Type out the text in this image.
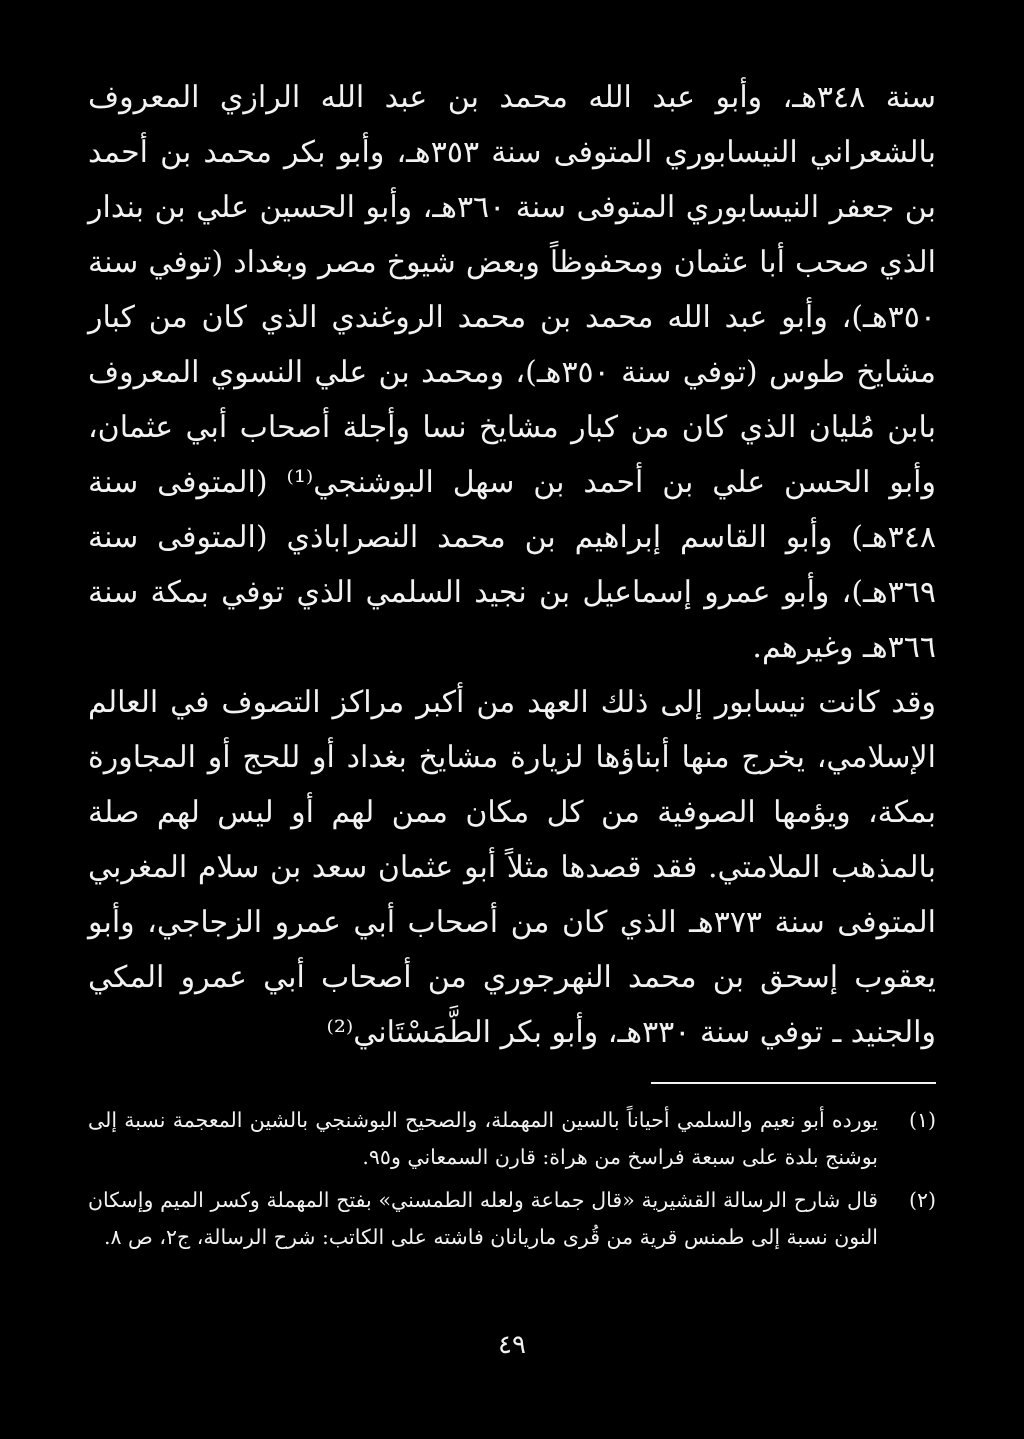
سنة ٣٤٨هـ، وأبو عبد الله محمد بن عبد الله الرازي المعروف بالشعراني النيسابوري المتوفى سنة ٣٥٣هـ، وأبو بكر محمد بن أحمد بن جعفر النيسابوري المتوفى سنة ٣٦٠هـ، وأبو الحسين علي بن بندار الذي صحب أبا عثمان ومحفوظاً وبعض شيوخ مصر وبغداد (توفي سنة ٣٥٠هـ)، وأبو عبد الله محمد بن محمد الروغندي الذي كان من كبار مشايخ طوس (توفي سنة ٣٥٠هـ)، ومحمد بن علي النسوي المعروف بابن مُليان الذي كان من كبار مشايخ نسا وأجلة أصحاب أبي عثمان، وأبو الحسن علي بن أحمد بن سهل البوشنجي⁽¹⁾ (المتوفى سنة ٣٤٨هـ) وأبو القاسم إبراهيم بن محمد النصراباذي (المتوفى سنة ٣٦٩هـ)، وأبو عمرو إسماعيل بن نجيد السلمي الذي توفي بمكة سنة ٣٦٦هـ وغيرهم.

وقد كانت نيسابور إلى ذلك العهد من أكبر مراكز التصوف في العالم الإسلامي، يخرج منها أبناؤها لزيارة مشايخ بغداد أو للحج أو المجاورة بمكة، ويؤمها الصوفية من كل مكان ممن لهم أو ليس لهم صلة بالمذهب الملامتي. فقد قصدها مثلاً أبو عثمان سعد بن سلام المغربي المتوفى سنة ٣٧٣هـ الذي كان من أصحاب أبي عمرو الزجاجي، وأبو يعقوب إسحق بن محمد النهرجوري من أصحاب أبي عمرو المكي والجنيد ـ توفي سنة ٣٣٠هـ، وأبو بكر الطَّمَسْتَاني⁽²⁾

(١)
يورده أبو نعيم والسلمي أحياناً بالسين المهملة، والصحيح البوشنجي بالشين المعجمة نسبة إلى بوشنج بلدة على سبعة فراسخ من هراة: قارن السمعاني و٩٥.
(٢)
قال شارح الرسالة القشيرية «قال جماعة ولعله الطمسني» بفتح المهملة وكسر الميم وإسكان النون نسبة إلى طمنس قرية من قُرى ماريانان فاشته على الكاتب: شرح الرسالة، ج٢، ص ٨.
٤٩
